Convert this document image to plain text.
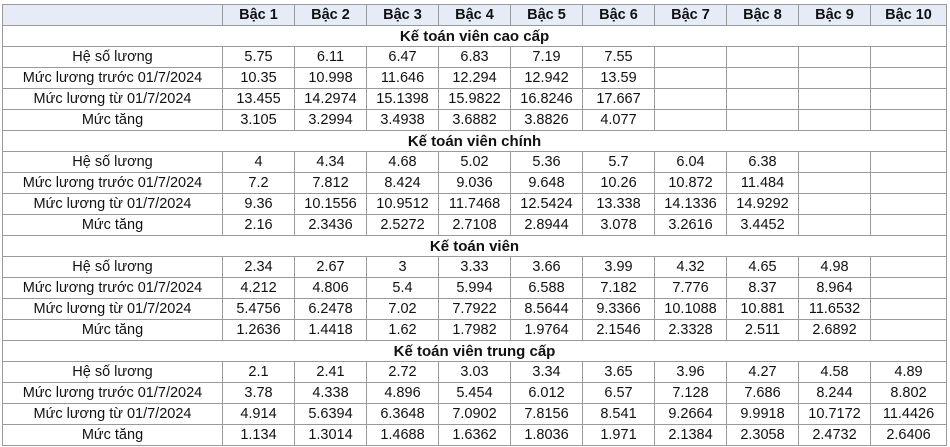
	Bậc 1	Bậc 2	Bậc 3	Bậc 4	Bậc 5	Bậc 6	Bậc 7	Bậc 8	Bậc 9	Bậc 10
Kế toán viên cao cấp										
Hệ số lương	5.75	6.11	6.47	6.83	7.19	7.55				
Mức lương trước 01/7/2024	10.35	10.998	11.646	12.294	12.942	13.59				
Mức lương từ 01/7/2024	13.455	14.2974	15.1398	15.9822	16.8246	17.667				
Mức tăng	3.105	3.2994	3.4938	3.6882	3.8826	4.077				
Kế toán viên chính										
Hệ số lương	4	4.34	4.68	5.02	5.36	5.7	6.04	6.38		
Mức lương trước 01/7/2024	7.2	7.812	8.424	9.036	9.648	10.26	10.872	11.484		
Mức lương từ 01/7/2024	9.36	10.1556	10.9512	11.7468	12.5424	13.338	14.1336	14.9292		
Mức tăng	2.16	2.3436	2.5272	2.7108	2.8944	3.078	3.2616	3.4452		
Kế toán viên										
Hệ số lương	2.34	2.67	3	3.33	3.66	3.99	4.32	4.65	4.98	
Mức lương trước 01/7/2024	4.212	4.806	5.4	5.994	6.588	7.182	7.776	8.37	8.964	
Mức lương từ 01/7/2024	5.4756	6.2478	7.02	7.7922	8.5644	9.3366	10.1088	10.881	11.6532	
Mức tăng	1.2636	1.4418	1.62	1.7982	1.9764	2.1546	2.3328	2.511	2.6892	
Kế toán viên trung cấp										
Hệ số lương	2.1	2.41	2.72	3.03	3.34	3.65	3.96	4.27	4.58	4.89
Mức lương trước 01/7/2024	3.78	4.338	4.896	5.454	6.012	6.57	7.128	7.686	8.244	8.802
Mức lương từ 01/7/2024	4.914	5.6394	6.3648	7.0902	7.8156	8.541	9.2664	9.9918	10.7172	11.4426
Mức tăng	1.134	1.3014	1.4688	1.6362	1.8036	1.971	2.1384	2.3058	2.4732	2.6406
